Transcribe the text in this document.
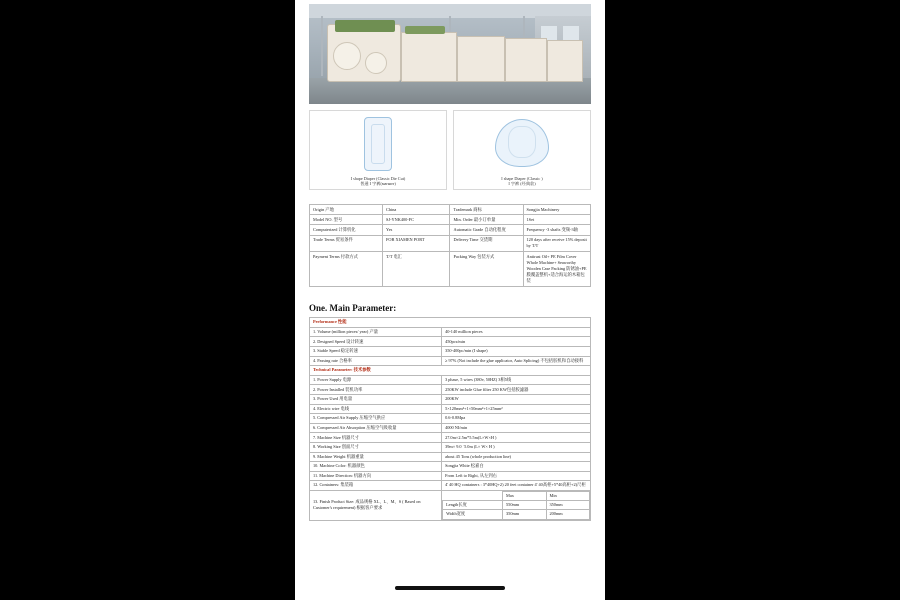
I shape Diaper (Classic Die Cut)
普通 I 字裤(магнит)
I shape Diaper (Classic )
I 字裤 (经典款)
Origin 产地	China	Trademark 商标	Songjia Machinery
Model NO. 型号	SJ-YNK400-FC	Min. Order 最小订单量	1Set
Computerized 计算机化	Yes	Automatic Grade 自动化程度	Frequency -3 shafts 变频-3轴
Trade Terms 贸易条件	FOB XIAMEN PORT	Delivery Time 交货期	120 days after receive 15% deposit by T/T
Payment Terms 付款方式	T/T 电汇	Packing Way 包装方式	Antirust Oil+ PE Film Cover Whole Machine+ Seaworthy Wooden Case Packing 防锈油+PE膜覆盖整机+适合海运的木箱包装
One. Main Parameter:
Performance 性能
1. Volume (million pieces/ year) 产量	40-140 million pieces
2. Designed Speed 设计转速	450pcs/min
3. Stable Speed 稳定转速	350-400pc/min (I shape)
4. Passing rate 合格率	≥ 97% (Not include the glue applicator, Auto Splicing) 不包括胶机和自动接料
Technical Parameter: 技术参数
1. Power Supply 电源	3 phase, 5 wires (380v, 50HZ) 3相5线
2. Power Installed 装机功率	250KW include Glue filter 250 KW包括胶滤器
3. Power Used 用电量	200KW
4. Electric wire 电线	5×120mm²+1×50mm²+1×25mm²
5. Compressed Air Supply 压缩空气供应	0.6-0.8Mpa
6. Compressed Air Absorption 压缩空气吸收量	4000 NI/min
7. Machine Size 机器尺寸	27.0m×2.5m*5.5m(L×W×H )
8. Working Size 创面尺寸	39m× 9.0 ˙5.0m (L× W× H )
9. Machine Weight 机器重量	about 45 Tons (whole production line)
10. Machine Color: 机器颜色	Songjia White 松嘉白
11. Machine Direction: 机器方向	From Left to Right, 从左到右
12. Containers: 集装箱	4' 40 HQ containers : 3*40HQ+2) 20 feet container 4' 40高柜+5*40高柜+2)尺柜
13. Finish Product Size: 成品规格 XL、L、M、S ( Based on Customer's requirement) 根据客户要求	
	Max	Min
Length长度	550mm	350mm
Width宽度	350mm	200mm
